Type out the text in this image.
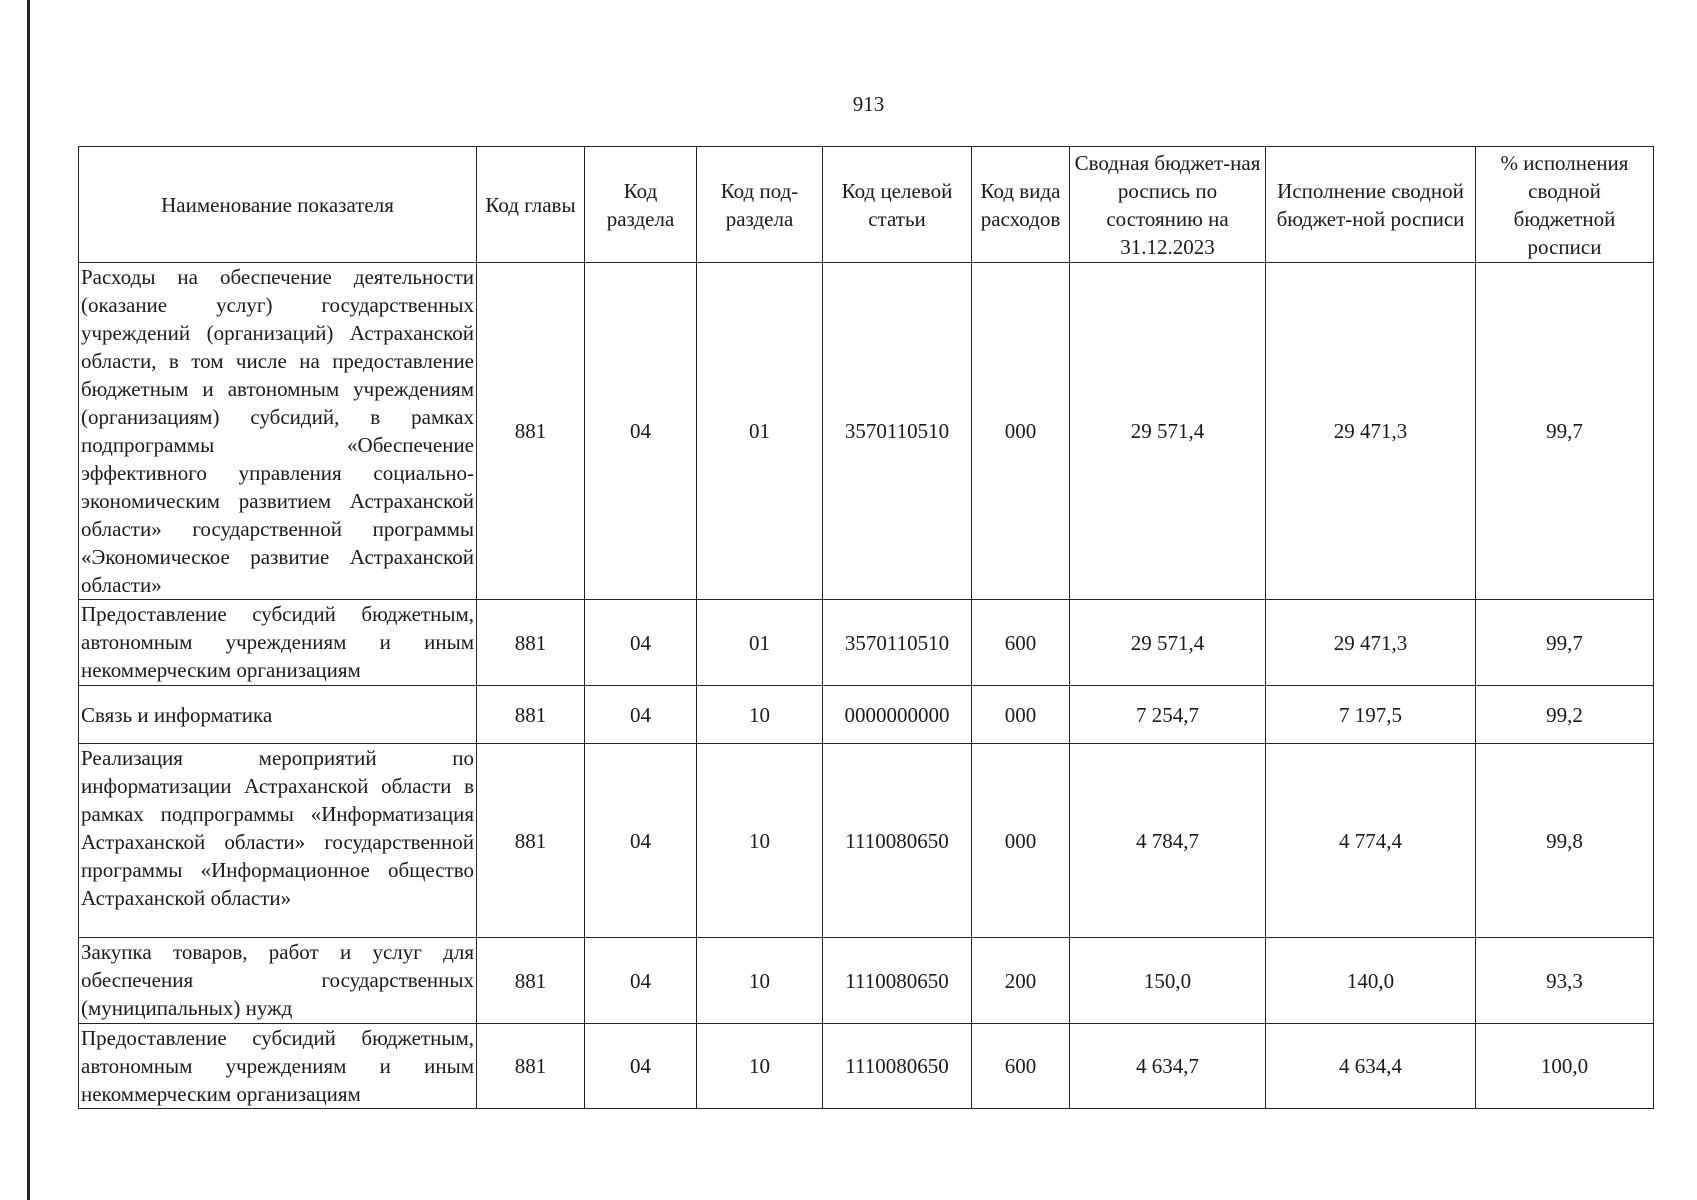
913
Наименование показателя	Код главы	Код раздела	Код под-раздела	Код целевой статьи	Код вида расходов	Сводная бюджет-ная роспись по состоянию на 31.12.2023	Исполнение сводной бюджет-ной росписи	% исполнения сводной бюджетной росписи
Расходы на обеспечение деятельности (оказание услуг) государственных учреждений (организаций) Астраханской области, в том числе на предоставление бюджетным и автономным учреждениям (организациям) субсидий, в рамках подпрограммы «Обеспечение эффективного управления социально-экономическим развитием Астраханской области» государственной программы «Экономическое развитие Астраханской области»	881	04	01	3570110510	000	29 571,4	29 471,3	99,7
Предоставление субсидий бюджетным, автономным учреждениям и иным некоммерческим организациям	881	04	01	3570110510	600	29 571,4	29 471,3	99,7
Связь и информатика	881	04	10	0000000000	000	7 254,7	7 197,5	99,2
Реализация мероприятий по информатизации Астраханской области в рамках подпрограммы «Информатизация Астраханской области» государственной программы «Информационное общество Астраханской области»	881	04	10	1110080650	000	4 784,7	4 774,4	99,8
Закупка товаров, работ и услуг для обеспечения государственных (муниципальных) нужд	881	04	10	1110080650	200	150,0	140,0	93,3
Предоставление субсидий бюджетным, автономным учреждениям и иным некоммерческим организациям	881	04	10	1110080650	600	4 634,7	4 634,4	100,0
